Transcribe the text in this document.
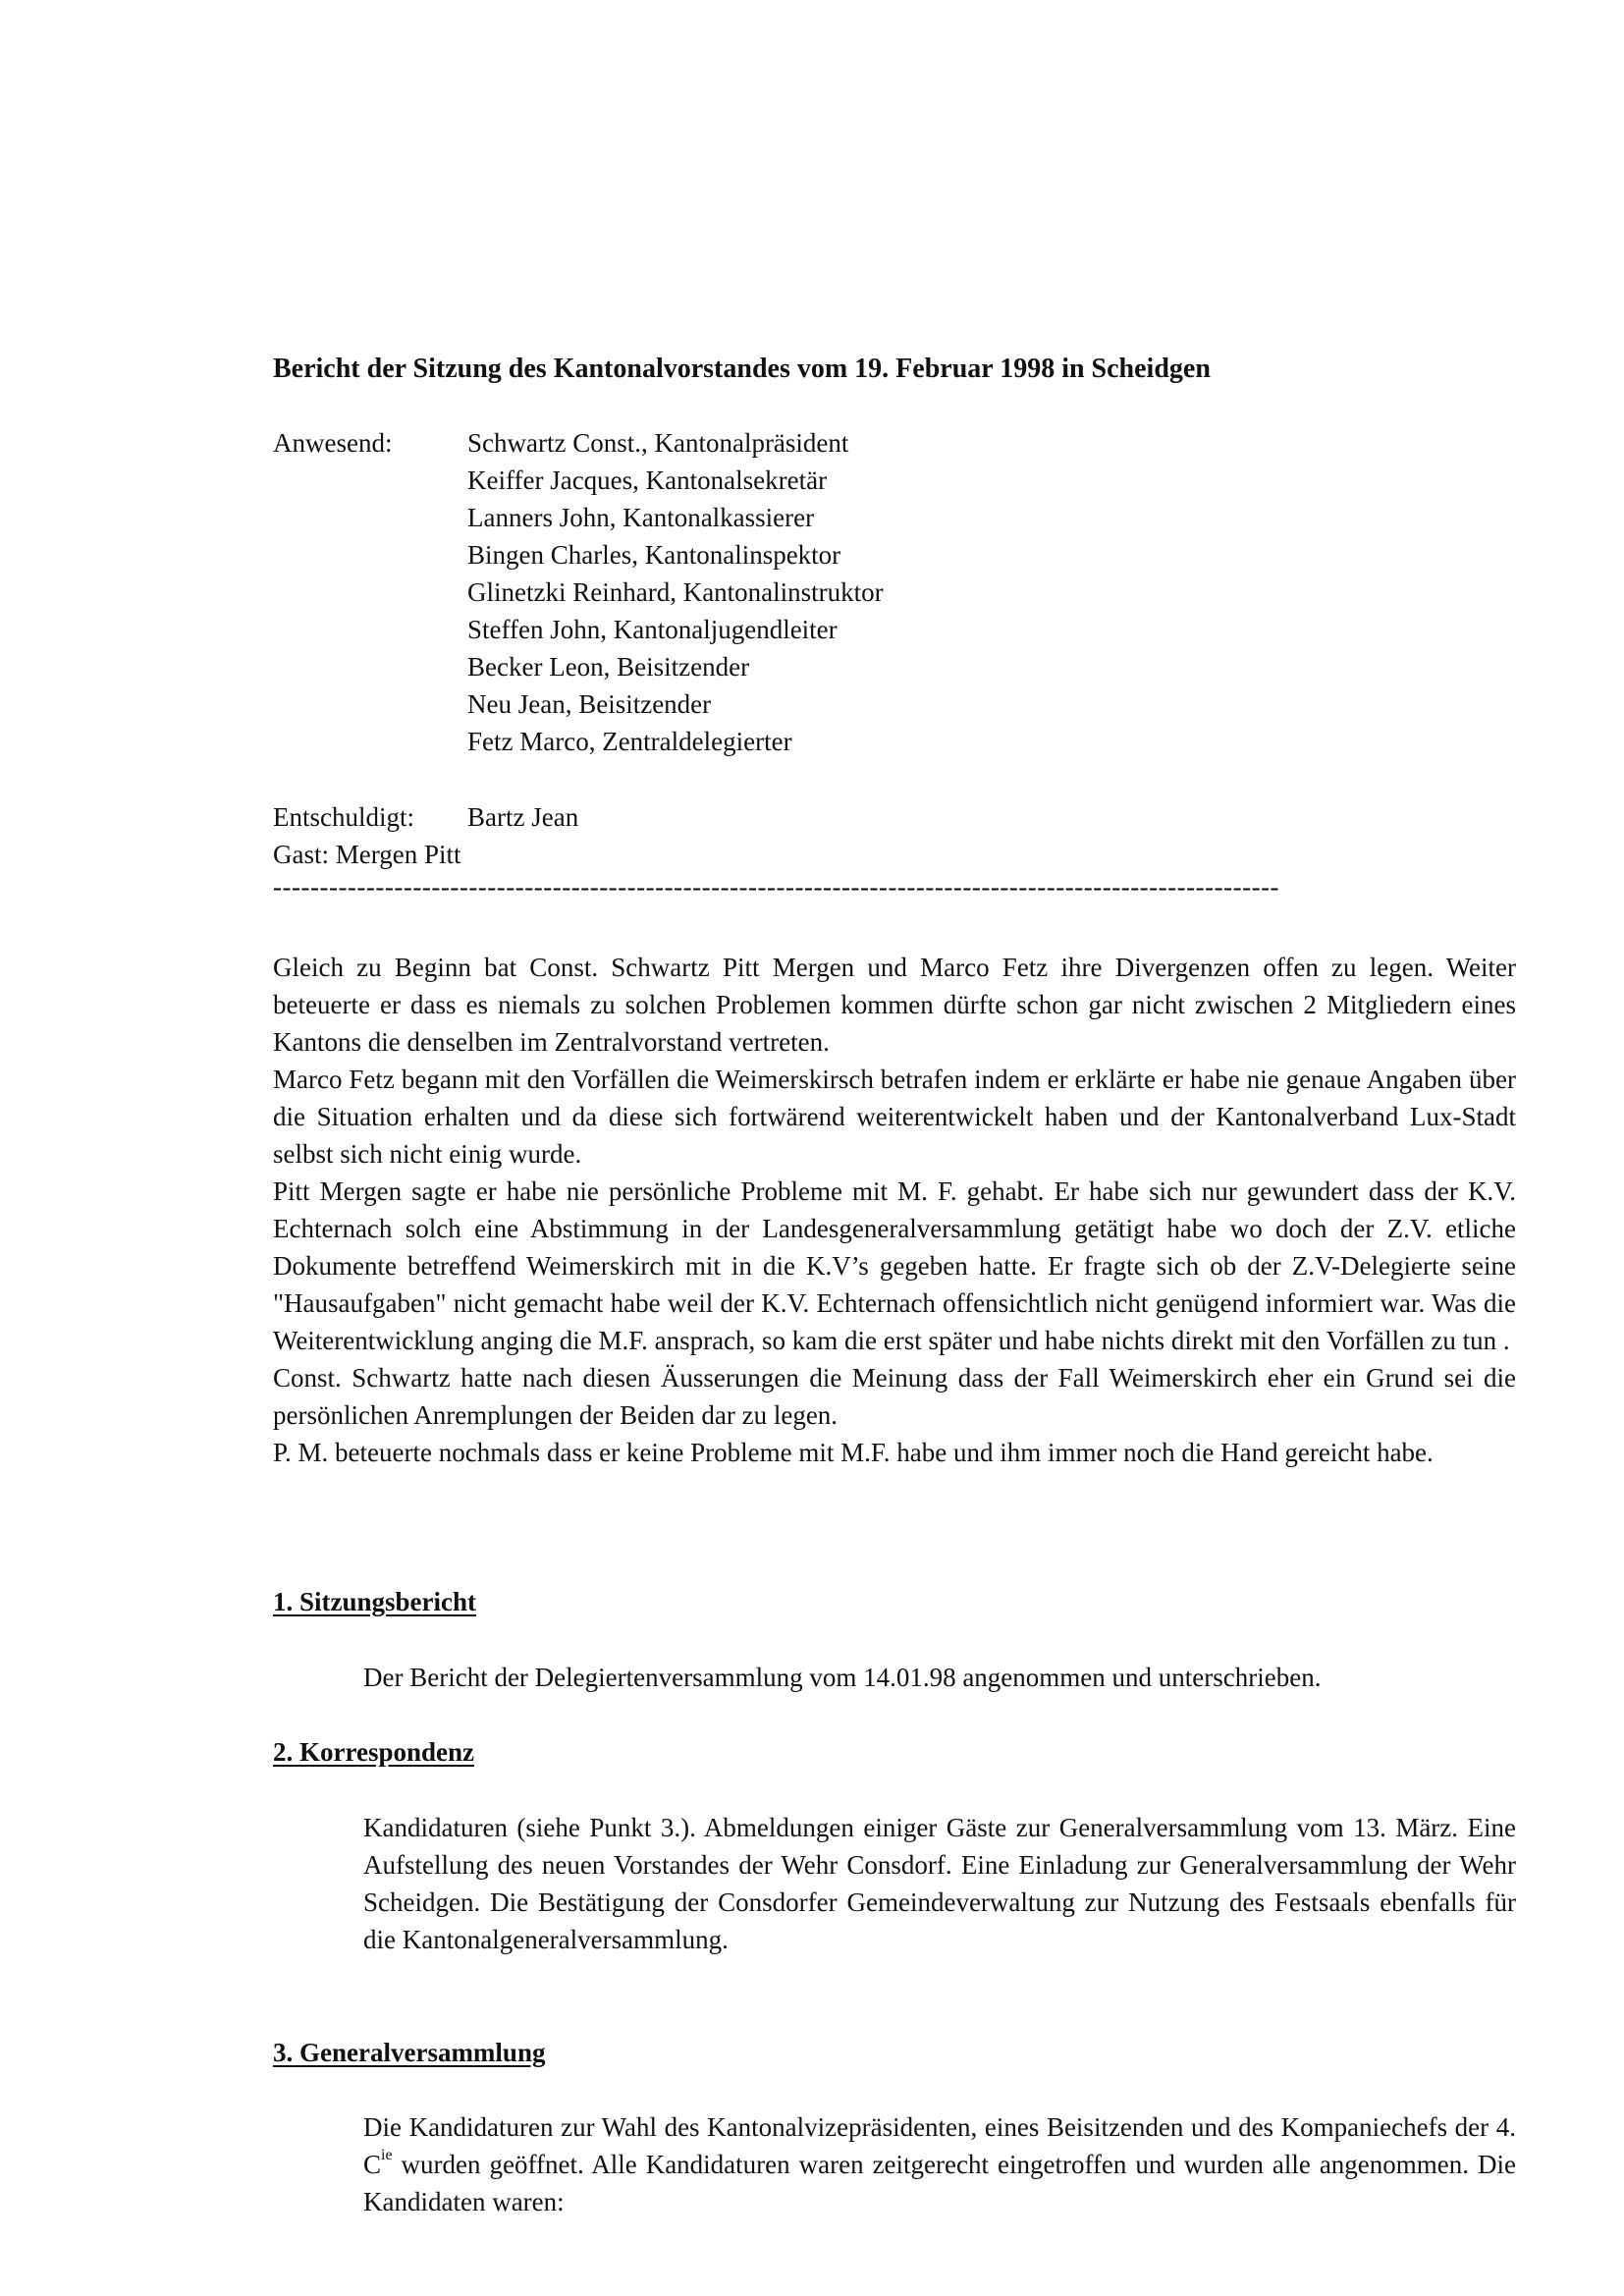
Bericht der Sitzung des Kantonalvorstandes vom 19. Februar 1998 in Scheidgen
Anwesend:	Schwartz Const., Kantonalpräsident
Keiffer Jacques, Kantonalsekretär
Lanners John, Kantonalkassierer
Bingen Charles, Kantonalinspektor
Glinetzki Reinhard, Kantonalinstruktor
Steffen John, Kantonaljugendleiter
Becker Leon, Beisitzender
Neu Jean, Beisitzender
Fetz Marco, Zentraldelegierter
Entschuldigt: Bartz Jean
Gast: Mergen Pitt
------------------------------------------------------------------------------------------------------------

Gleich zu Beginn bat Const. Schwartz Pitt Mergen und Marco Fetz ihre Divergenzen offen zu legen. Weiter beteuerte er dass es niemals zu solchen Problemen kommen dürfte schon gar nicht zwischen 2 Mitgliedern eines Kantons die denselben im Zentralvorstand vertreten.

Marco Fetz begann mit den Vorfällen die Weimerskirsch betrafen indem er erklärte er habe nie genaue Angaben über die Situation erhalten und da diese sich fortwärend weiterentwickelt haben und der Kantonalverband Lux-Stadt selbst sich nicht einig wurde.

Pitt Mergen sagte er habe nie persönliche Probleme mit M. F. gehabt. Er habe sich nur gewundert dass der K.V. Echternach solch eine Abstimmung in der Landesgeneralversammlung getätigt habe wo doch der Z.V. etliche Dokumente betreffend Weimerskirch mit in die K.V’s gegeben hatte. Er fragte sich ob der Z.V-Delegierte seine "Hausaufgaben" nicht gemacht habe weil der K.V. Echternach offensichtlich nicht genügend informiert war. Was die Weiterentwicklung anging die M.F. ansprach, so kam die erst später und habe nichts direkt mit den Vorfällen zu tun .

Const. Schwartz hatte nach diesen Äusserungen die Meinung dass der Fall Weimerskirch eher ein Grund sei die persönlichen Anremplungen der Beiden dar zu legen.

P. M. beteuerte nochmals dass er keine Probleme mit M.F. habe und ihm immer noch die Hand gereicht habe.

1. Sitzungsbericht
Der Bericht der Delegiertenversammlung vom 14.01.98 angenommen und unterschrieben.
2. Korrespondenz
Kandidaturen (siehe Punkt 3.). Abmeldungen einiger Gäste zur Generalversammlung vom 13. März. Eine Aufstellung des neuen Vorstandes der Wehr Consdorf. Eine Einladung zur Generalversammlung der Wehr Scheidgen. Die Bestätigung der Consdorfer Gemeindeverwaltung zur Nutzung des Festsaals ebenfalls für die Kantonalgeneralversammlung.
3. Generalversammlung
Die Kandidaturen zur Wahl des Kantonalvizepräsidenten, eines Beisitzenden und des Kompaniechefs der 4. $C^{ie}$ wurden geöffnet. Alle Kandidaturen waren zeitgerecht eingetroffen und wurden alle angenommen. Die Kandidaten waren:
